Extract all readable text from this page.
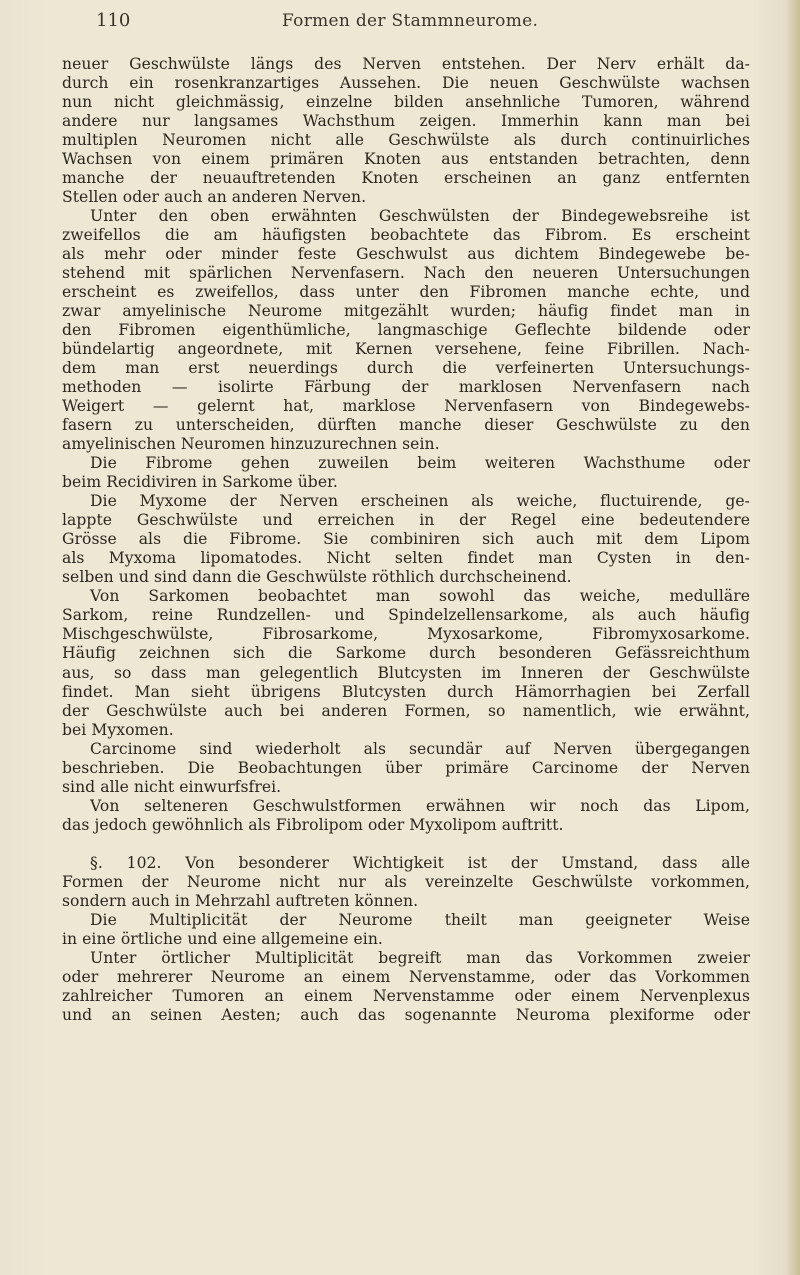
110	Formen der Stammneurome.
neuer Geschwülste längs des Nerven entstehen. Der Nerv erhält da-
durch ein rosenkranzartiges Aussehen. Die neuen Geschwülste wachsen
nun nicht gleichmässig, einzelne bilden ansehnliche Tumoren, während
andere nur langsames Wachsthum zeigen. Immerhin kann man bei
multiplen Neuromen nicht alle Geschwülste als durch continuirliches
Wachsen von einem primären Knoten aus entstanden betrachten, denn
manche der neuauftretenden Knoten erscheinen an ganz entfernten
Stellen oder auch an anderen Nerven.
Unter den oben erwähnten Geschwülsten der Bindegewebsreihe ist
zweifellos die am häufigsten beobachtete das Fibrom. Es erscheint
als mehr oder minder feste Geschwulst aus dichtem Bindegewebe be-
stehend mit spärlichen Nervenfasern. Nach den neueren Untersuchungen
erscheint es zweifellos, dass unter den Fibromen manche echte, und
zwar amyelinische Neurome mitgezählt wurden; häufig findet man in
den Fibromen eigenthümliche, langmaschige Geflechte bildende oder
bündelartig angeordnete, mit Kernen versehene, feine Fibrillen. Nach-
dem man erst neuerdings durch die verfeinerten Untersuchungs-
methoden — isolirte Färbung der marklosen Nervenfasern nach
Weigert — gelernt hat, marklose Nervenfasern von Bindegewebs-
fasern zu unterscheiden, dürften manche dieser Geschwülste zu den
amyelinischen Neuromen hinzuzurechnen sein.
Die Fibrome gehen zuweilen beim weiteren Wachsthume oder
beim Recidiviren in Sarkome über.
Die Myxome der Nerven erscheinen als weiche, fluctuirende, ge-
lappte Geschwülste und erreichen in der Regel eine bedeutendere
Grösse als die Fibrome. Sie combiniren sich auch mit dem Lipom
als Myxoma lipomatodes. Nicht selten findet man Cysten in den-
selben und sind dann die Geschwülste röthlich durchscheinend.
Von Sarkomen beobachtet man sowohl das weiche, medulläre
Sarkom, reine Rundzellen- und Spindelzellensarkome, als auch häufig
Mischgeschwülste, Fibrosarkome, Myxosarkome, Fibromyxosarkome.
Häufig zeichnen sich die Sarkome durch besonderen Gefässreichthum
aus, so dass man gelegentlich Blutcysten im Inneren der Geschwülste
findet. Man sieht übrigens Blutcysten durch Hämorrhagien bei Zerfall
der Geschwülste auch bei anderen Formen, so namentlich, wie erwähnt,
bei Myxomen.
Carcinome sind wiederholt als secundär auf Nerven übergegangen
beschrieben. Die Beobachtungen über primäre Carcinome der Nerven
sind alle nicht einwurfsfrei.
Von selteneren Geschwulstformen erwähnen wir noch das Lipom,
das jedoch gewöhnlich als Fibrolipom oder Myxolipom auftritt.

§. 102. Von besonderer Wichtigkeit ist der Umstand, dass alle
Formen der Neurome nicht nur als vereinzelte Geschwülste vorkommen,
sondern auch in Mehrzahl auftreten können.
Die Multiplicität der Neurome theilt man geeigneter Weise
in eine örtliche und eine allgemeine ein.
Unter örtlicher Multiplicität begreift man das Vorkommen zweier
oder mehrerer Neurome an einem Nervenstamme, oder das Vorkommen
zahlreicher Tumoren an einem Nervenstamme oder einem Nervenplexus
und an seinen Aesten; auch das sogenannte Neuroma plexiforme oder
